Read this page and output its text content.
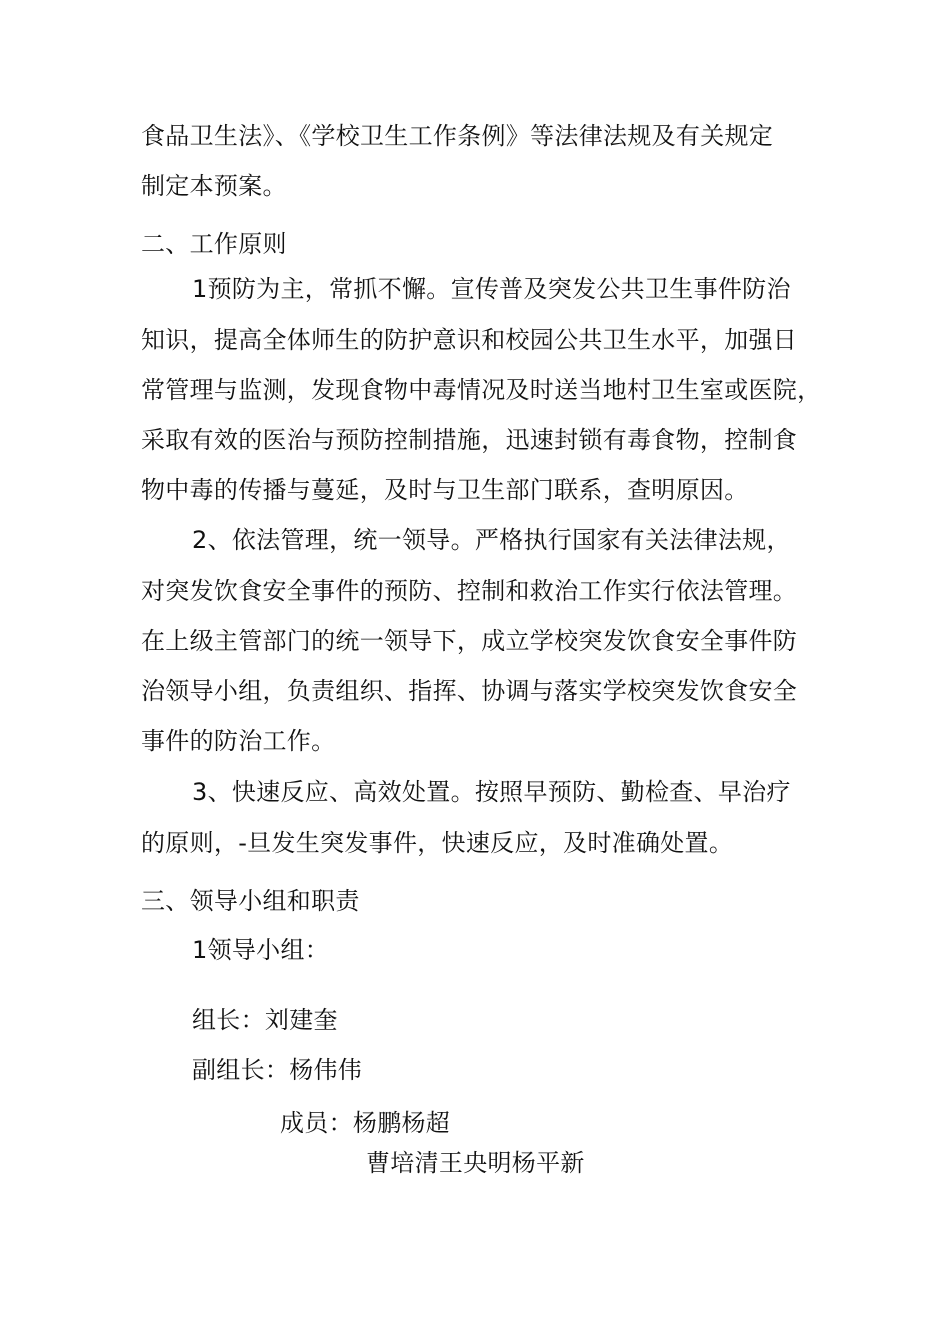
食品卫生法》、《学校卫生工作条例》等法律法规及有关规定
制定本预案。
二、工作原则
1预防为主，常抓不懈。宣传普及突发公共卫生事件防治
知识，提高全体师生的防护意识和校园公共卫生水平，加强日
常管理与监测，发现食物中毒情况及时送当地村卫生室或医院，
采取有效的医治与预防控制措施，迅速封锁有毒食物，控制食
物中毒的传播与蔓延，及时与卫生部门联系，查明原因。
2、依法管理，统一领导。严格执行国家有关法律法规，
对突发饮食安全事件的预防、控制和救治工作实行依法管理。
在上级主管部门的统一领导下，成立学校突发饮食安全事件防
治领导小组，负责组织、指挥、协调与落实学校突发饮食安全
事件的防治工作。
3、快速反应、高效处置。按照早预防、勤检查、早治疗
的原则，-旦发生突发事件，快速反应，及时准确处置。
三、领导小组和职责
1领导小组：
组长：刘建奎
副组长：杨伟伟
成员：杨鹏杨超
曹培清王央明杨平新
